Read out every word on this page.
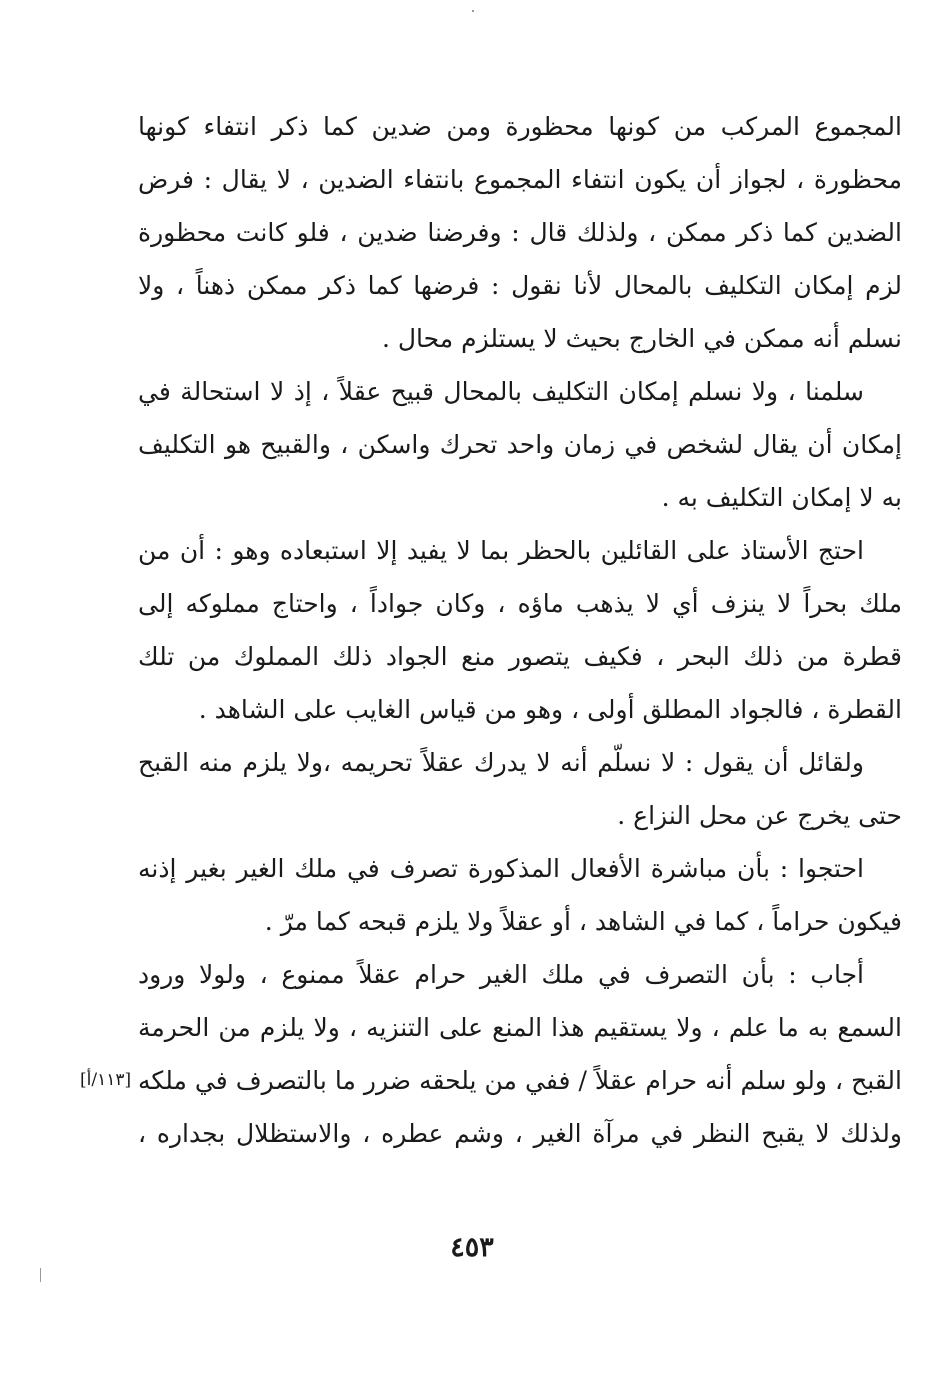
المجموع المركب من كونها محظورة ومن ضدين كما ذكر انتفاء كونها
محظورة ، لجواز أن يكون انتفاء المجموع بانتفاء الضدين ، لا يقال : فرض
الضدين كما ذكر ممكن ، ولذلك قال : وفرضنا ضدين ، فلو كانت محظورة
لزم إمكان التكليف بالمحال لأنا نقول : فرضها كما ذكر ممكن ذهناً ، ولا
نسلم أنه ممكن في الخارج بحيث لا يستلزم محال .
سلمنا ، ولا نسلم إمكان التكليف بالمحال قبيح عقلاً ، إذ لا استحالة في
إمكان أن يقال لشخص في زمان واحد تحرك واسكن ، والقبيح هو التكليف
به لا إمكان التكليف به .
احتج الأستاذ على القائلين بالحظر بما لا يفيد إلا استبعاده وهو : أن من
ملك بحراً لا ينزف أي لا يذهب ماؤه ، وكان جواداً ، واحتاج مملوكه إلى
قطرة من ذلك البحر ، فكيف يتصور منع الجواد ذلك المملوك من تلك
القطرة ، فالجواد المطلق أولى ، وهو من قياس الغايب على الشاهد .
ولقائل أن يقول : لا نسلّم أنه لا يدرك عقلاً تحريمه ،ولا يلزم منه القبح
حتى يخرج عن محل النزاع .
احتجوا : بأن مباشرة الأفعال المذكورة تصرف في ملك الغير بغير إذنه
فيكون حراماً ، كما في الشاهد ، أو عقلاً ولا يلزم قبحه كما مرّ .
أجاب : بأن التصرف في ملك الغير حرام عقلاً ممنوع ، ولولا ورود
السمع به ما علم ، ولا يستقيم هذا المنع على التنزيه ، ولا يلزم من الحرمة
القبح ، ولو سلم أنه حرام عقلاً / ففي من يلحقه ضرر ما بالتصرف في ملكه
[١١٣/أ]
ولذلك لا يقبح النظر في مرآة الغير ، وشم عطره ، والاستظلال بجداره ،
٤٥٣
